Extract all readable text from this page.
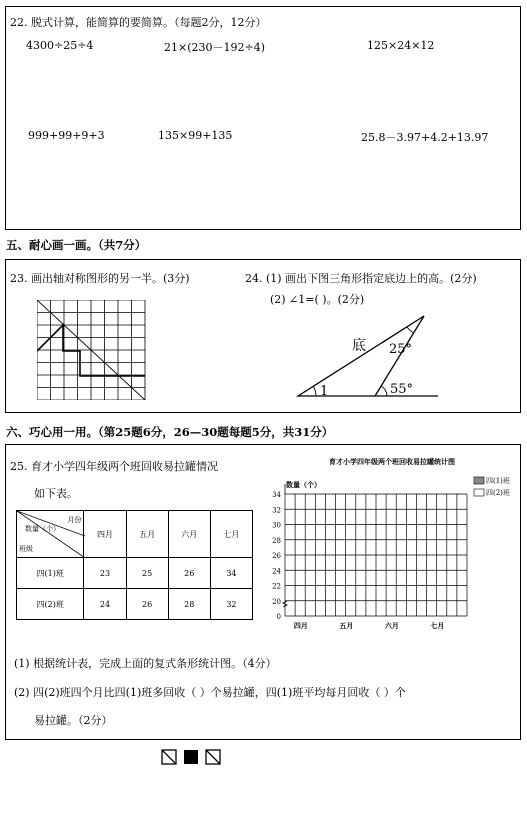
22. 脱式计算，能简算的要简算。（每题2分，12分）
4300÷25÷4	21×(230－192÷4)	125×24×12
999+99+9+3	135×99+135	25.8－3.97+4.2+13.97
五、耐心画一画。（共7分）
23. 画出轴对称图形的另一半。(3分)	24. (1) 画出下图三角形指定底边上的高。(2分)
(2) ∠1=( )。(2分)
底 25°
55°
1
六、巧心用一用。（第25题6分，26—30题每题5分，共31分）
25. 育才小学四年级两个班回收易拉罐情况
如下表。
月份
数量（个）
班级	四月	五月	六月	七月
四(1)班	23	25	26	34
四(2)班	24	26	28	32
育才小学四年级两个班回收易拉罐统计图
数量（个）
34
32
30
28
26
24
22
20
0
四月	五月	六月	七月
四(1)班
四(2)班
(1) 根据统计表，完成上面的复式条形统计图。（4分）
(2) 四(2)班四个月比四(1)班多回收（ ）个易拉罐，四(1)班平均每月回收（ ）个
易拉罐。（2分）
